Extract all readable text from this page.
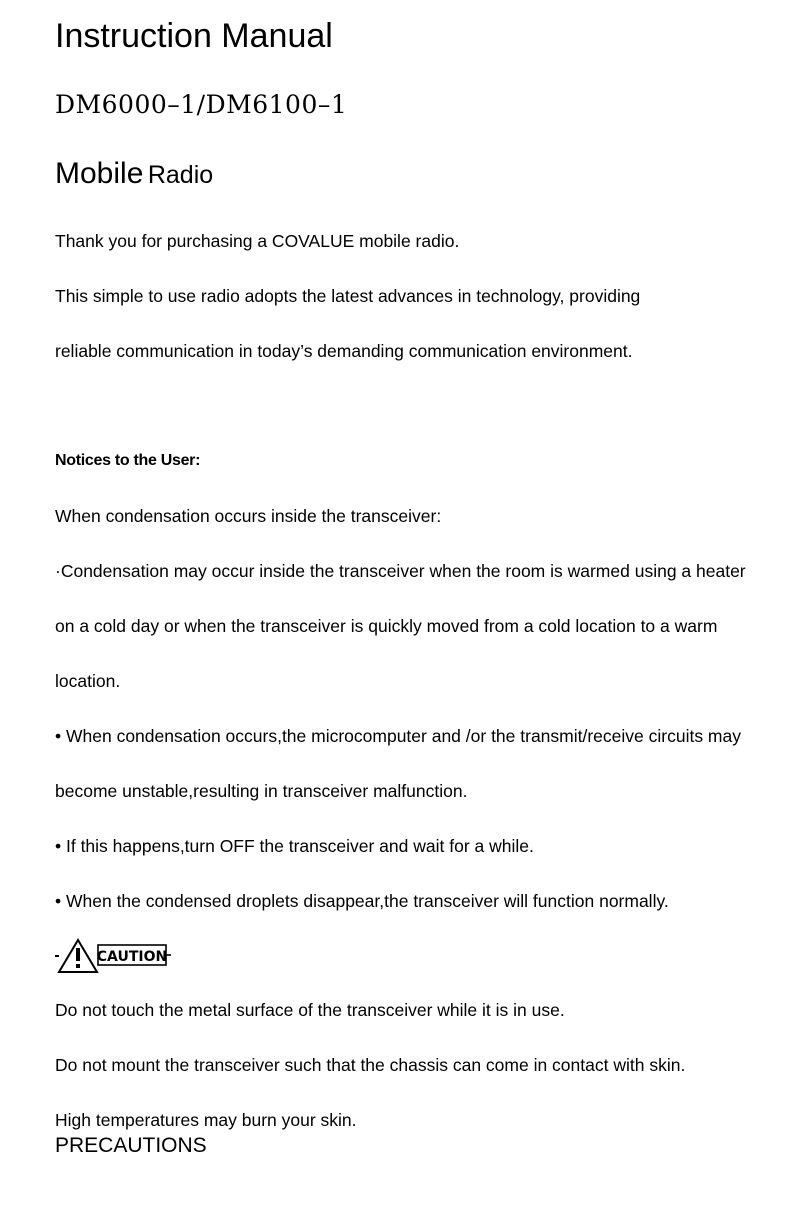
Instruction Manual
DM6000–1∕DM6100–1
Mobile Radio
Thank you for purchasing a COVALUE mobile radio.
This simple to use radio adopts the latest advances in technology, providing
reliable communication in today’s demanding communication environment.
Notices to the User:
When condensation occurs inside the transceiver:
·Condensation may occur inside the transceiver when the room is warmed using a heater
on a cold day or when the transceiver is quickly moved from a cold location to a warm
location.
• When condensation occurs,the microcomputer and /or the transmit/receive circuits may
become unstable,resulting in transceiver malfunction.
• If this happens,turn OFF the transceiver and wait for a while.
• When the condensed droplets disappear,the transceiver will function normally.
CAUTION
Do not touch the metal surface of the transceiver while it is in use.
Do not mount the transceiver such that the chassis can come in contact with skin.
High temperatures may burn your skin.
PRECAUTIONS
